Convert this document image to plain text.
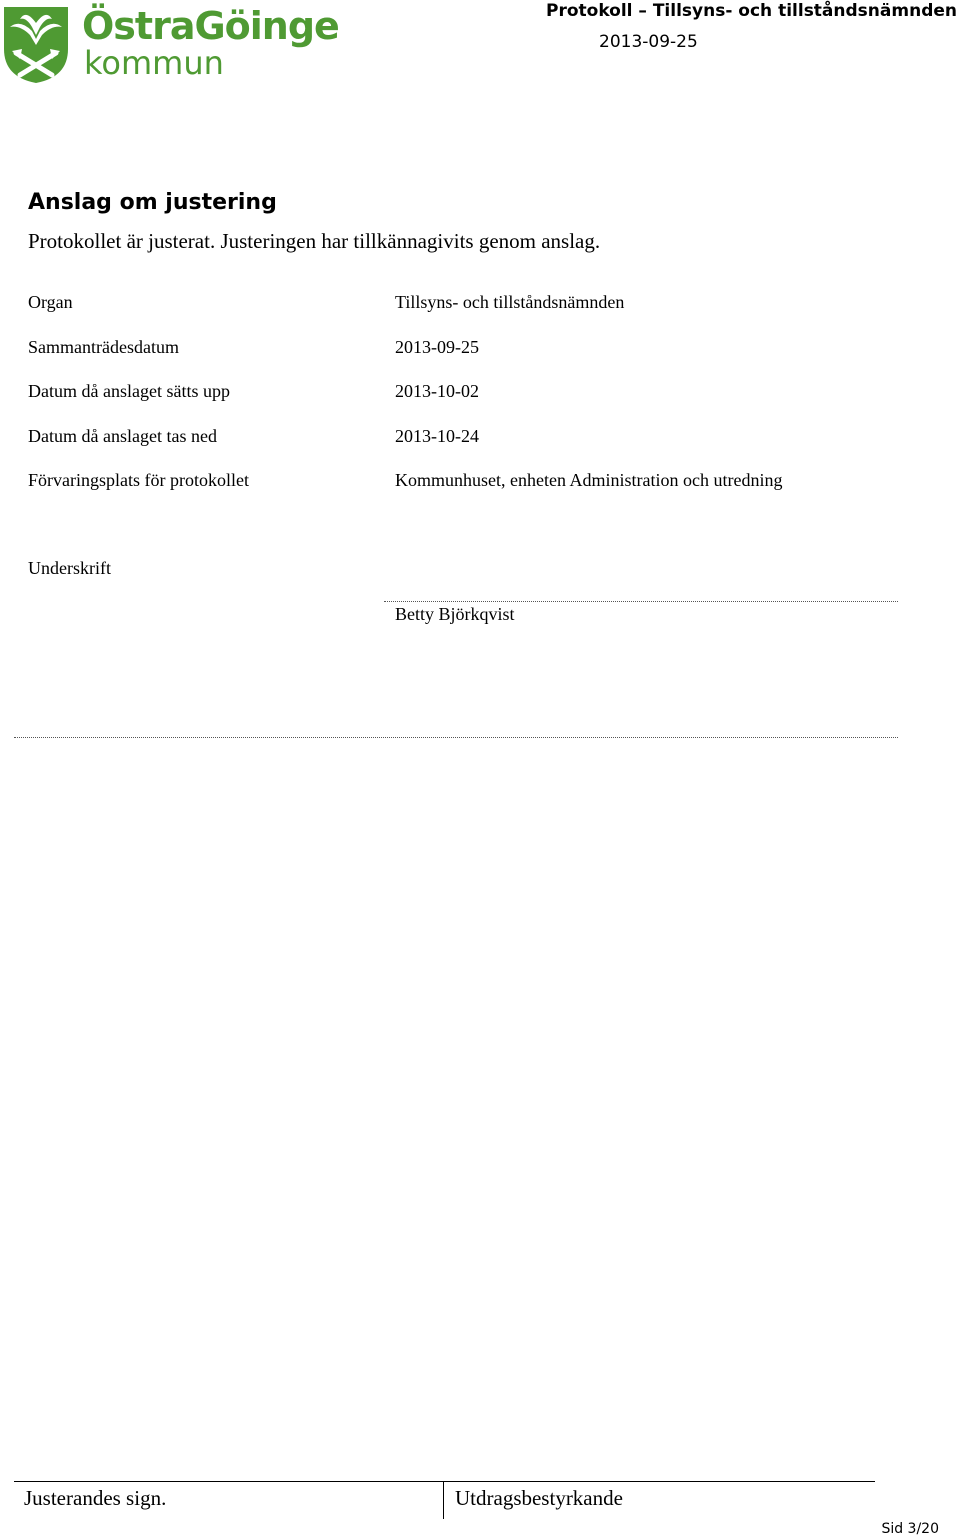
ÖstraGöinge
kommun
Protokoll – Tillsyns- och tillståndsnämnden
2013-09-25
Anslag om justering
Protokollet är justerat. Justeringen har tillkännagivits genom anslag.
Organ	Tillsyns- och tillståndsnämnden
Sammanträdesdatum	2013-09-25
Datum då anslaget sätts upp	2013-10-02
Datum då anslaget tas ned	2013-10-24
Förvaringsplats för protokollet	Kommunhuset, enheten Administration och utredning
Underskrift
Betty Björkqvist
Justerandes sign.	Utdragsbestyrkande
Sid 3/20
